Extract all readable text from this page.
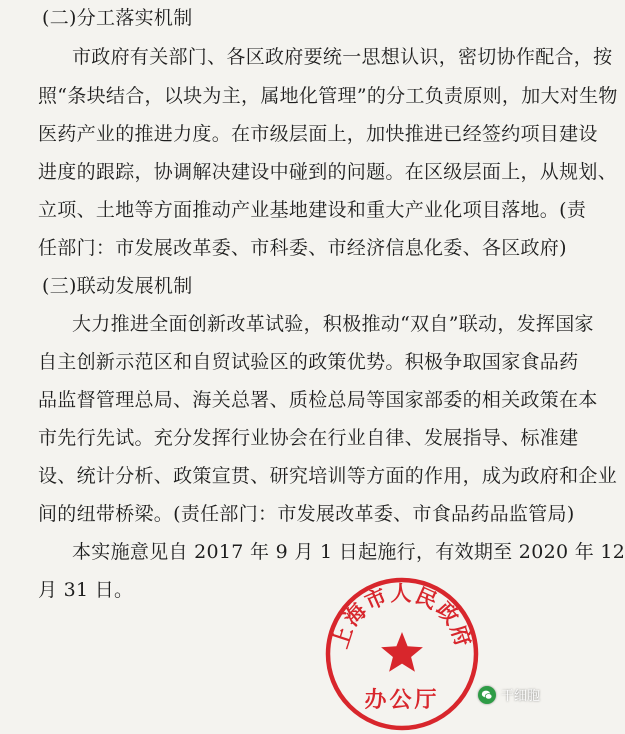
(二)分工落实机制
市政府有关部门、各区政府要统一思想认识，密切协作配合，按
照“条块结合，以块为主，属地化管理”的分工负责原则，加大对生物
医药产业的推进力度。在市级层面上，加快推进已经签约项目建设
进度的跟踪，协调解决建设中碰到的问题。在区级层面上，从规划、
立项、土地等方面推动产业基地建设和重大产业化项目落地。(责
任部门：市发展改革委、市科委、市经济信息化委、各区政府)
(三)联动发展机制
大力推进全面创新改革试验，积极推动“双自”联动，发挥国家
自主创新示范区和自贸试验区的政策优势。积极争取国家食品药
品监督管理总局、海关总署、质检总局等国家部委的相关政策在本
市先行先试。充分发挥行业协会在行业自律、发展指导、标准建
设、统计分析、政策宣贯、研究培训等方面的作用，成为政府和企业
间的纽带桥梁。(责任部门：市发展改革委、市食品药品监管局)
本实施意见自 2017 年 9 月 1 日起施行，有效期至 2020 年 12
月 31 日。
上海市人民政府
办公厅	干细胞
